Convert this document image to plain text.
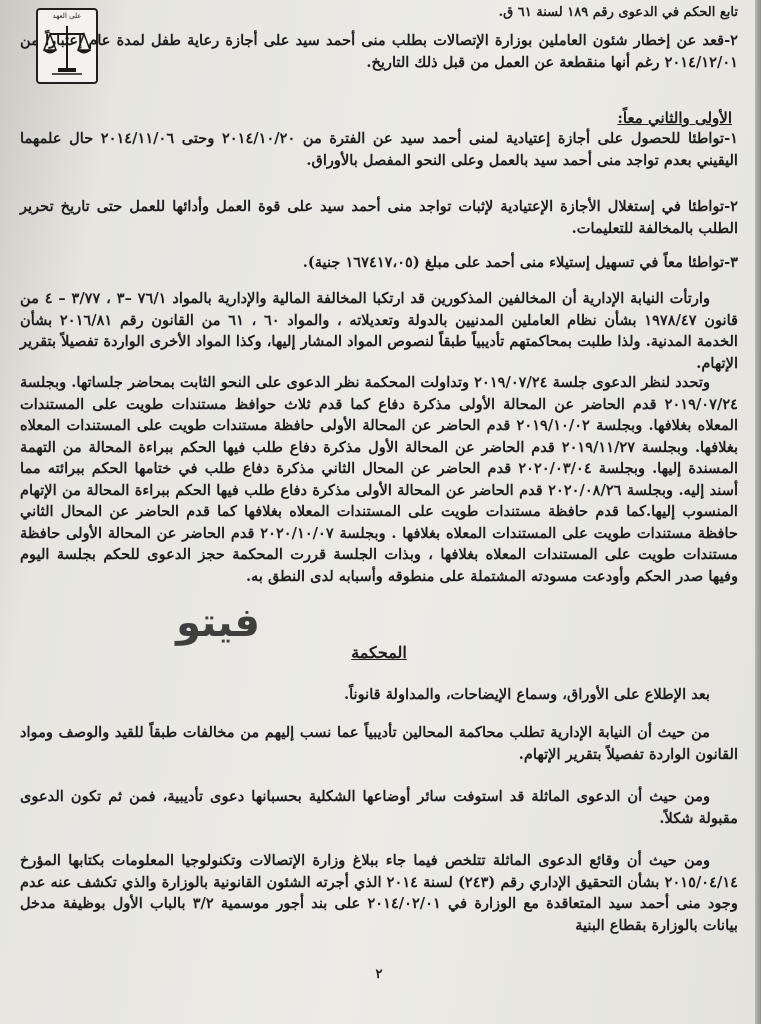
على العهد	تابع الحكم في الدعوى رقم ١٨٩ لسنة ٦١ ق.

٢-قعد عن إخطار شئون العاملين بوزارة الإتصالات بطلب منى أحمد سيد على أجازة رعاية طفل لمدة عام إعتباراً من ٢٠١٤/١٢/٠١ رغم أنها منقطعة عن العمل من قبل ذلك التاريخ.

الأولى والثاني معاً:

١-تواطئا للحصول على أجازة إعتيادية لمنى أحمد سيد عن الفترة من ٢٠١٤/١٠/٢٠ وحتى ٢٠١٤/١١/٠٦ حال علمهما اليقيني بعدم تواجد منى أحمد سيد بالعمل وعلى النحو المفصل بالأوراق.

٢-تواطئا في إستغلال الأجازة الإعتيادية لإثبات تواجد منى أحمد سيد على قوة العمل وأدائها للعمل حتى تاريخ تحرير الطلب بالمخالفة للتعليمات.

٣-تواطئا معاً في تسهيل إستيلاء منى أحمد على مبلغ (١٦٧٤١٧،٠٥ جنية).

وارتأت النيابة الإدارية أن المخالفين المذكورين قد ارتكبا المخالفة المالية والإدارية بالمواد ٧٦/١ –٣ ، ٣/٧٧ – ٤ من قانون ١٩٧٨/٤٧ بشأن نظام العاملين المدنيين بالدولة وتعديلاته ، والمواد ٦٠ ، ٦١ من القانون رقم ٢٠١٦/٨١ بشأن الخدمة المدنية. ولذا طلبت بمحاكمتهم تأديبياً طبقاً لنصوص المواد المشار إليها، وكذا المواد الأخرى الواردة تفصيلاً بتقرير الإتهام.

وتحدد لنظر الدعوى جلسة ٢٠١٩/٠٧/٢٤ وتداولت المحكمة نظر الدعوى على النحو الثابت بمحاضر جلساتها. وبجلسة ٢٠١٩/٠٧/٢٤ قدم الحاضر عن المحالة الأولى مذكرة دفاع كما قدم ثلاث حوافظ مستندات طويت على المستندات المعلاه بغلافها. وبجلسة ٢٠١٩/١٠/٠٢ قدم الحاضر عن المحالة الأولى حافظة مستندات طويت على المستندات المعلاه بغلافها. وبجلسة ٢٠١٩/١١/٢٧ قدم الحاضر عن المحالة الأول مذكرة دفاع طلب فيها الحكم ببراءة المحالة من التهمة المسندة إليها. وبجلسة ٢٠٢٠/٠٣/٠٤ قدم الحاضر عن المحال الثاني مذكرة دفاع طلب في ختامها الحكم ببرائته مما أسند إليه. وبجلسة ٢٠٢٠/٠٨/٢٦ قدم الحاضر عن المحالة الأولى مذكرة دفاع طلب فيها الحكم ببراءة المحالة من الإتهام المنسوب إليها.كما قدم حافظة مستندات طويت على المستندات المعلاه بغلافها كما قدم الحاضر عن المحال الثاني حافظة مستندات طويت على المستندات المعلاه بغلافها . وبجلسة ٢٠٢٠/١٠/٠٧ قدم الحاضر عن المحالة الأولى حافظة مستندات طويت على المستندات المعلاه بغلافها ، وبذات الجلسة قررت المحكمة حجز الدعوى للحكم بجلسة اليوم وفيها صدر الحكم وأودعت مسودته المشتملة على منطوقه وأسبابه لدى النطق به.

المحكمة

بعد الإطلاع على الأوراق، وسماع الإيضاحات، والمداولة قانوناً.

من حيث أن النيابة الإدارية تطلب محاكمة المحالين تأديبياً عما نسب إليهم من مخالفات طبقاً للقيد والوصف ومواد القانون الواردة تفصيلاً بتقرير الإتهام.

ومن حيث أن الدعوى الماثلة قد استوفت سائر أوضاعها الشكلية بحسبانها دعوى تأديبية، فمن ثم تكون الدعوى مقبولة شكلاً.

ومن حيث أن وقائع الدعوى الماثلة تتلخص فيما جاء ببلاغ وزارة الإتصالات وتكنولوجيا المعلومات بكتابها المؤرخ ٢٠١٥/٠٤/١٤ بشأن التحقيق الإداري رقم (٢٤٣) لسنة ٢٠١٤ الذي أجرته الشئون القانونية بالوزارة والذي تكشف عنه عدم وجود منى أحمد سيد المتعاقدة مع الوزارة في ٢٠١٤/٠٢/٠١ على بند أجور موسمية ٣/٢ بالباب الأول بوظيفة مدخل بيانات بالوزارة بقطاع البنية

٢
فيتو
